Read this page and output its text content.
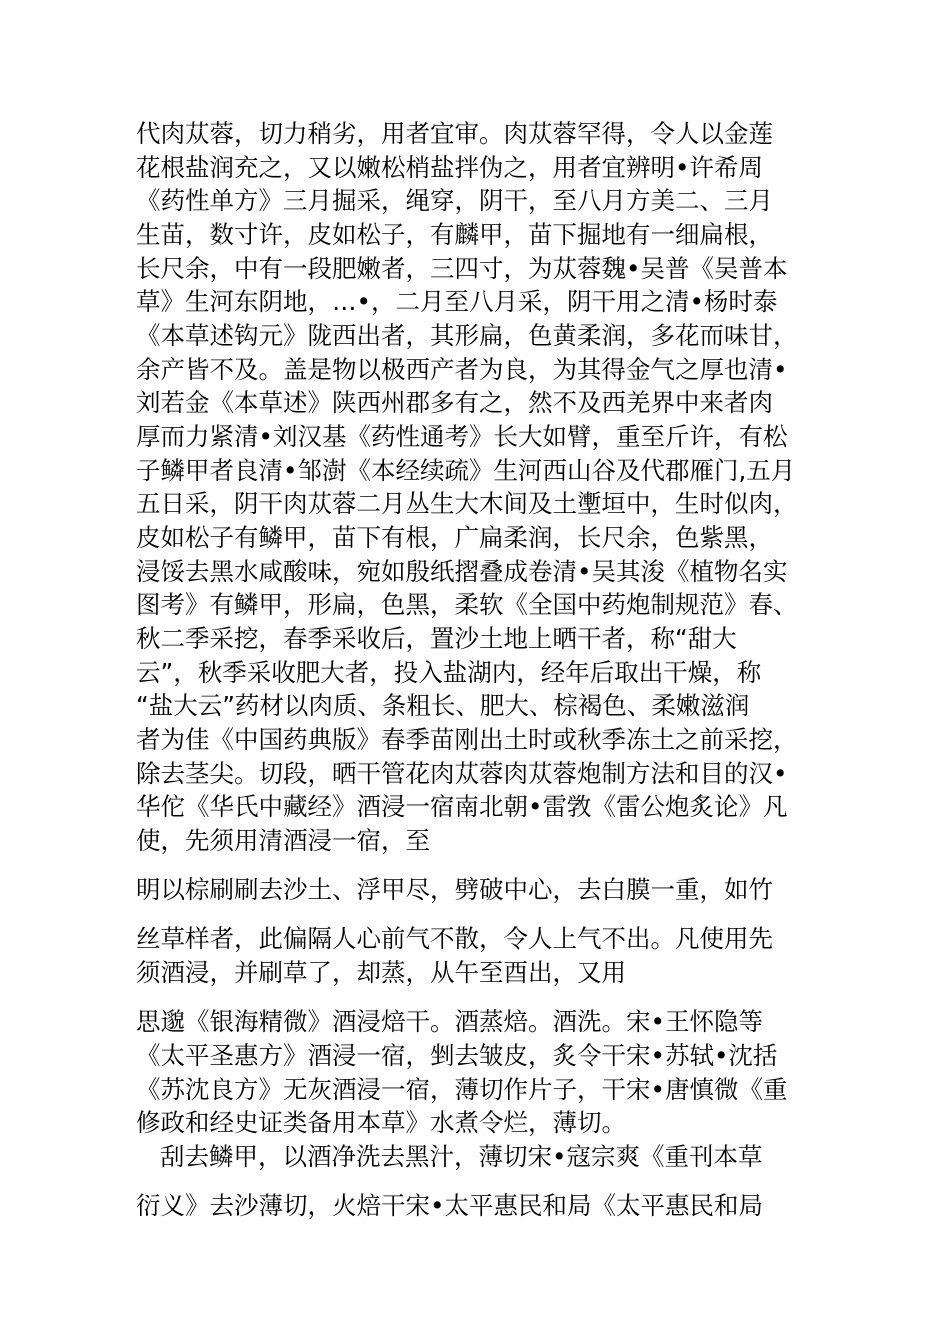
代肉苁蓉，切力稍劣，用者宜审。肉苁蓉罕得，令人以金莲
花根盐润充之，又以嫩松梢盐拌伪之，用者宜辨明•许希周
《药性单方》三月掘采，绳穿，阴干，至八月方美二、三月
生苗，数寸许，皮如松子，有麟甲，苗下掘地有一细扁根，
长尺余，中有一段肥嫩者，三四寸，为苁蓉魏•吴普《吴普本
草》生河东阴地，…•，二月至八月采，阴干用之清•杨时泰
《本草述钩元》陇西出者，其形扁，色黄柔润，多花而味甘，
余产皆不及。盖是物以极西产者为良，为其得金气之厚也清•
刘若金《本草述》陕西州郡多有之，然不及西羌界中来者肉
厚而力紧清•刘汉基《药性通考》长大如臂，重至斤许，有松
子鳞甲者良清•邹澍《本经续疏》生河西山谷及代郡雁门,五月
五日采，阴干肉苁蓉二月丛生大木间及土壍垣中，生时似肉，
皮如松子有鳞甲，苗下有根，广扁柔润，长尺余，色紫黑，
浸馁去黑水咸酸味，宛如殷纸摺叠成卷清•吴其浚《植物名实
图考》有鳞甲，形扁，色黑，柔软《全国中药炮制规范》春、
秋二季采挖，春季采收后，置沙土地上晒干者，称“甜大
云”，秋季采收肥大者，投入盐湖内，经年后取出干燥，称
“盐大云”药材以肉质、条粗长、肥大、棕褐色、柔嫩滋润
者为佳《中国药典版》春季苗刚出土时或秋季冻土之前采挖，
除去茎尖。切段，晒干管花肉苁蓉肉苁蓉炮制方法和目的汉•
华佗《华氏中藏经》酒浸一宿南北朝•雷敩《雷公炮炙论》凡
使，先须用清酒浸一宿，至
明以棕刷刷去沙土、浮甲尽，劈破中心，去白膜一重，如竹
丝草样者，此偏隔人心前气不散，令人上气不出。凡使用先
须酒浸，并刷草了，却蒸，从午至酉出，又用
思邈《银海精微》酒浸焙干。酒蒸焙。酒洗。宋•王怀隐等
《太平圣惠方》酒浸一宿，剉去皱皮，炙令干宋•苏轼•沈括
《苏沈良方》无灰酒浸一宿，薄切作片子，干宋•唐慎微《重
修政和经史证类备用本草》水煮令烂，薄切。
刮去鳞甲，以酒净洗去黑汁，薄切宋•寇宗爽《重刊本草
衍义》去沙薄切，火焙干宋•太平惠民和局《太平惠民和局
